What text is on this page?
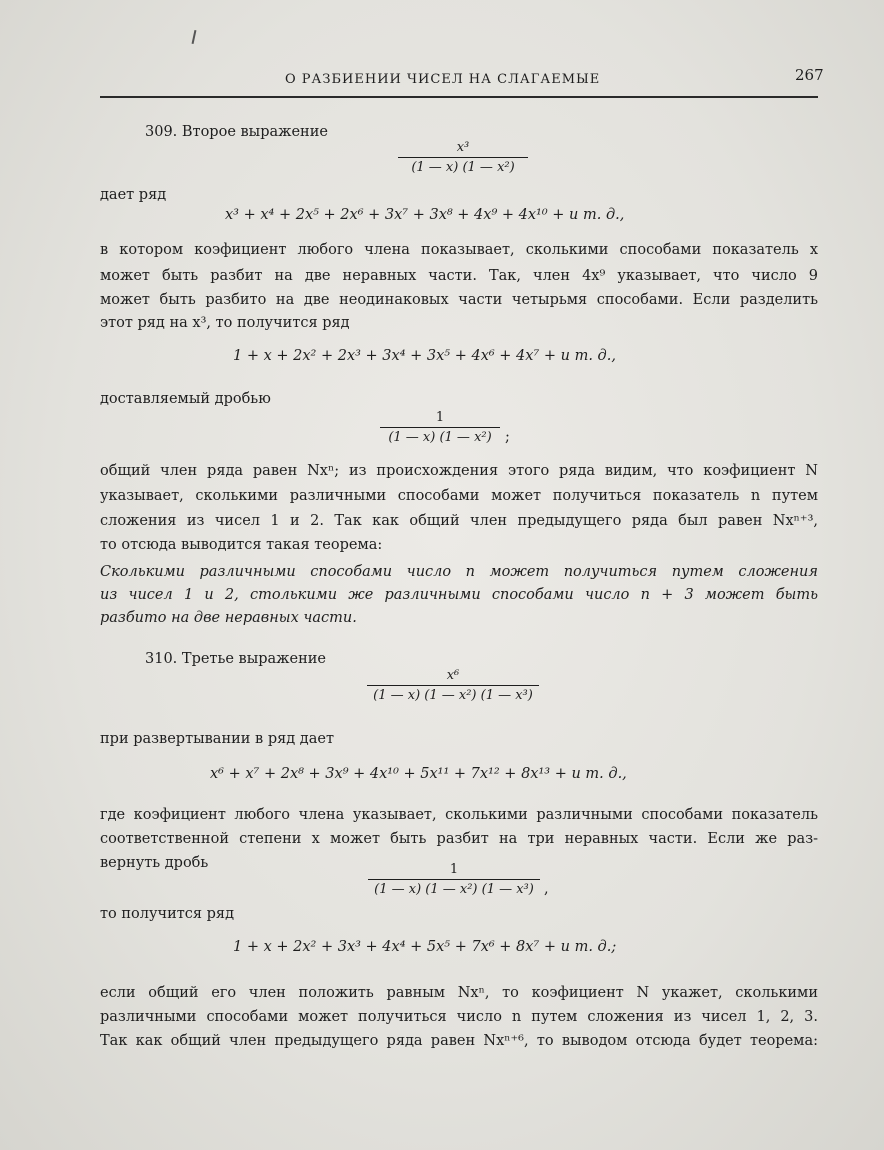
О РАЗБИЕНИИ ЧИСЕЛ НА СЛАГАЕМЫЕ	267
309. Второе выражение
x³
(1 — x) (1 — x²)
дает ряд
x³ + x⁴ + 2x⁵ + 2x⁶ + 3x⁷ + 3x⁸ + 4x⁹ + 4x¹⁰ + и т. д.,
в котором коэфициент любого члена показывает, сколькими способами показатель x
может быть разбит на две неравных части. Так, член 4x⁹ указывает, что число 9
может быть разбито на две неодинаковых части четырьмя способами. Если разделить
этот ряд на x³, то получится ряд
1 + x + 2x² + 2x³ + 3x⁴ + 3x⁵ + 4x⁶ + 4x⁷ + и т. д.,
доставляемый дробью
1
(1 — x) (1 — x²) ;
общий член ряда равен Nxⁿ; из происхождения этого ряда видим, что коэфициент N
указывает, сколькими различными способами может получиться показатель n путем
сложения из чисел 1 и 2. Так как общий член предыдущего ряда был равен Nxⁿ⁺³,
то отсюда выводится такая теорема:
Сколькими различными способами число n может получиться путем сложения
из чисел 1 и 2, столькими же различными способами число n + 3 может быть
разбито на две неравных части.
310. Третье выражение
x⁶
(1 — x) (1 — x²) (1 — x³)
при развертывании в ряд дает
x⁶ + x⁷ + 2x⁸ + 3x⁹ + 4x¹⁰ + 5x¹¹ + 7x¹² + 8x¹³ + и т. д.,
где коэфициент любого члена указывает, сколькими различными способами показатель
соответственной степени x может быть разбит на три неравных части. Если же раз-
вернуть дробь	1
(1 — x) (1 — x²) (1 — x³) ,
то получится ряд
1 + x + 2x² + 3x³ + 4x⁴ + 5x⁵ + 7x⁶ + 8x⁷ + и т. д.;
если общий его член положить равным Nxⁿ, то коэфициент N укажет, сколькими
различными способами может получиться число n путем сложения из чисел 1, 2, 3.
Так как общий член предыдущего ряда равен Nxⁿ⁺⁶, то выводом отсюда будет теорема:
